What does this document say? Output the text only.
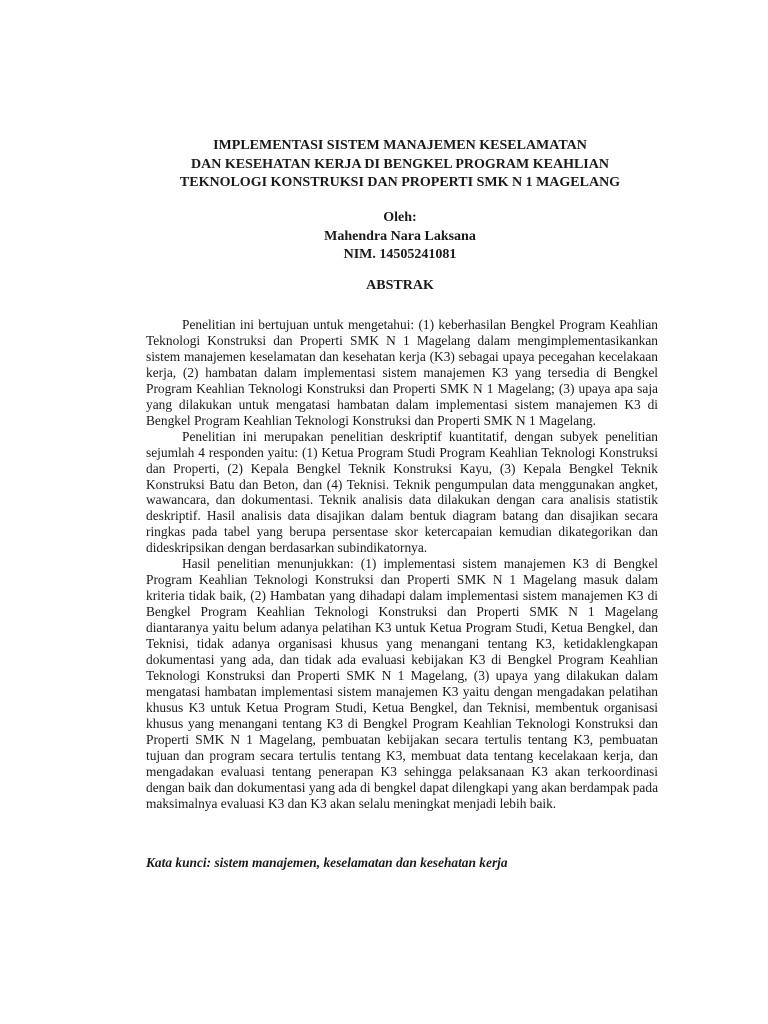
IMPLEMENTASI SISTEM MANAJEMEN KESELAMATAN
DAN KESEHATAN KERJA DI BENGKEL PROGRAM KEAHLIAN
TEKNOLOGI KONSTRUKSI DAN PROPERTI SMK N 1 MAGELANG
Oleh:
Mahendra Nara Laksana
NIM. 14505241081
ABSTRAK

Penelitian ini bertujuan untuk mengetahui: (1) keberhasilan Bengkel Program Keahlian Teknologi Konstruksi dan Properti SMK N 1 Magelang dalam mengimplementasikankan sistem manajemen keselamatan dan kesehatan kerja (K3) sebagai upaya pecegahan kecelakaan kerja, (2) hambatan dalam implementasi sistem manajemen K3 yang tersedia di Bengkel Program Keahlian Teknologi Konstruksi dan Properti SMK N 1 Magelang; (3) upaya apa saja yang dilakukan untuk mengatasi hambatan dalam implementasi sistem manajemen K3 di Bengkel Program Keahlian Teknologi Konstruksi dan Properti SMK N 1 Magelang.

Penelitian ini merupakan penelitian deskriptif kuantitatif, dengan subyek penelitian sejumlah 4 responden yaitu: (1) Ketua Program Studi Program Keahlian Teknologi Konstruksi dan Properti, (2) Kepala Bengkel Teknik Konstruksi Kayu, (3) Kepala Bengkel Teknik Konstruksi Batu dan Beton, dan (4) Teknisi. Teknik pengumpulan data menggunakan angket, wawancara, dan dokumentasi. Teknik analisis data dilakukan dengan cara analisis statistik deskriptif. Hasil analisis data disajikan dalam bentuk diagram batang dan disajikan secara ringkas pada tabel yang berupa persentase skor ketercapaian kemudian dikategorikan dan dideskripsikan dengan berdasarkan subindikatornya.

Hasil penelitian menunjukkan: (1) implementasi sistem manajemen K3 di Bengkel Program Keahlian Teknologi Konstruksi dan Properti SMK N 1 Magelang masuk dalam kriteria tidak baik, (2) Hambatan yang dihadapi dalam implementasi sistem manajemen K3 di Bengkel Program Keahlian Teknologi Konstruksi dan Properti SMK N 1 Magelang diantaranya yaitu belum adanya pelatihan K3 untuk Ketua Program Studi, Ketua Bengkel, dan Teknisi, tidak adanya organisasi khusus yang menangani tentang K3, ketidaklengkapan dokumentasi yang ada, dan tidak ada evaluasi kebijakan K3 di Bengkel Program Keahlian Teknologi Konstruksi dan Properti SMK N 1 Magelang, (3) upaya yang dilakukan dalam mengatasi hambatan implementasi sistem manajemen K3 yaitu dengan mengadakan pelatihan khusus K3 untuk Ketua Program Studi, Ketua Bengkel, dan Teknisi, membentuk organisasi khusus yang menangani tentang K3 di Bengkel Program Keahlian Teknologi Konstruksi dan Properti SMK N 1 Magelang, pembuatan kebijakan secara tertulis tentang K3, pembuatan tujuan dan program secara tertulis tentang K3, membuat data tentang kecelakaan kerja, dan mengadakan evaluasi tentang penerapan K3 sehingga pelaksanaan K3 akan terkoordinasi dengan baik dan dokumentasi yang ada di bengkel dapat dilengkapi yang akan berdampak pada maksimalnya evaluasi K3 dan K3 akan selalu meningkat menjadi lebih baik.

Kata kunci: sistem manajemen, keselamatan dan kesehatan kerja
